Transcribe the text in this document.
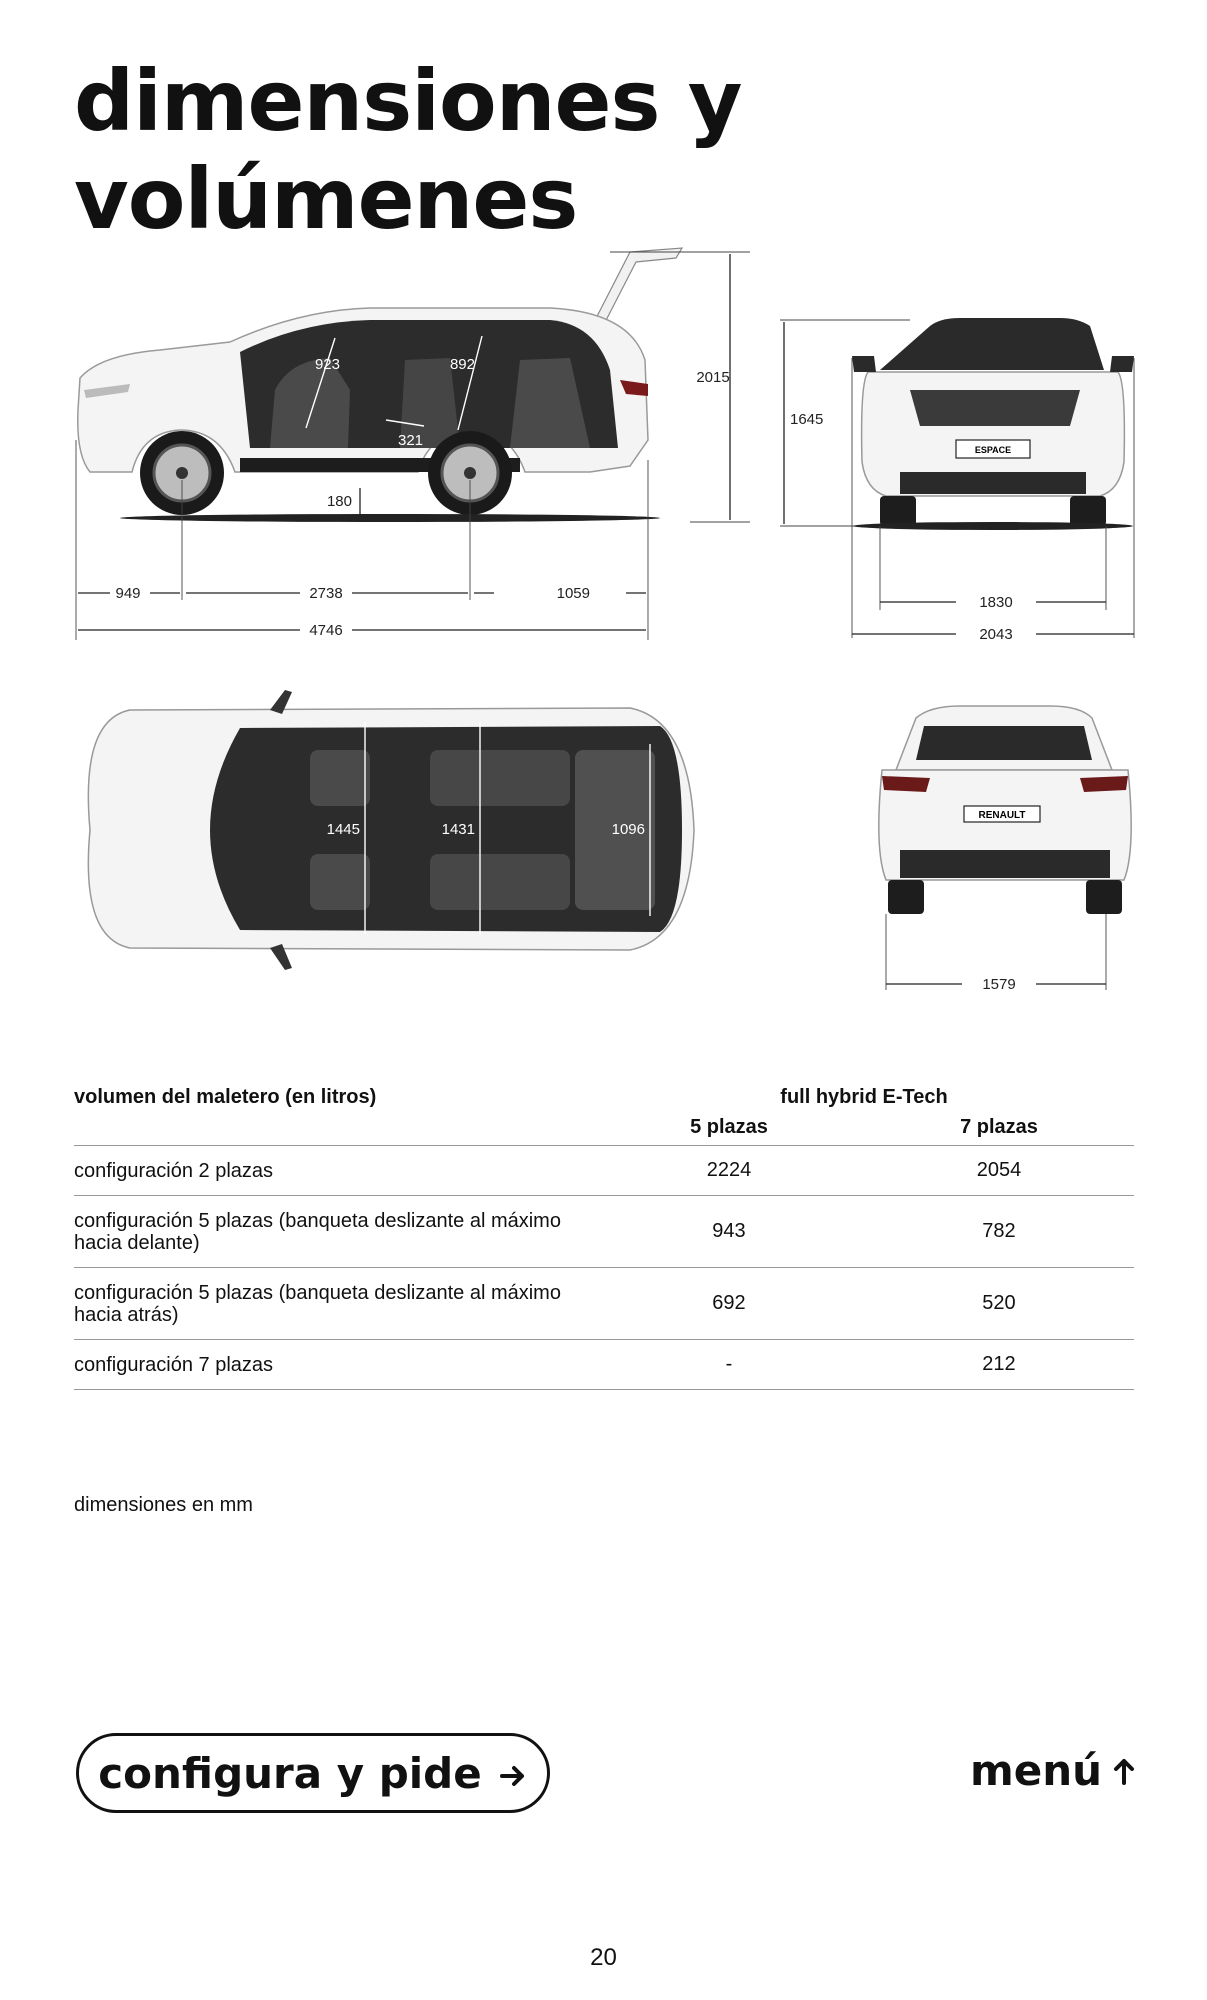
dimensiones y volúmenes
2015
180
923	892
321
949	2738	1059
4746
1645
ESPACE
1830
2043
1445	1431	1096
RENAULT
1579
volumen del maletero (en litros)	full hybrid E-Tech	
	5 plazas	7 plazas
configuración 2 plazas	2224	2054
configuración 5 plazas (banqueta deslizante al máximo hacia delante)	943	782
configuración 5 plazas (banqueta deslizante al máximo hacia atrás)	692	520
configuración 7 plazas	-	212
dimensiones en mm
configura y pide	menú
20
